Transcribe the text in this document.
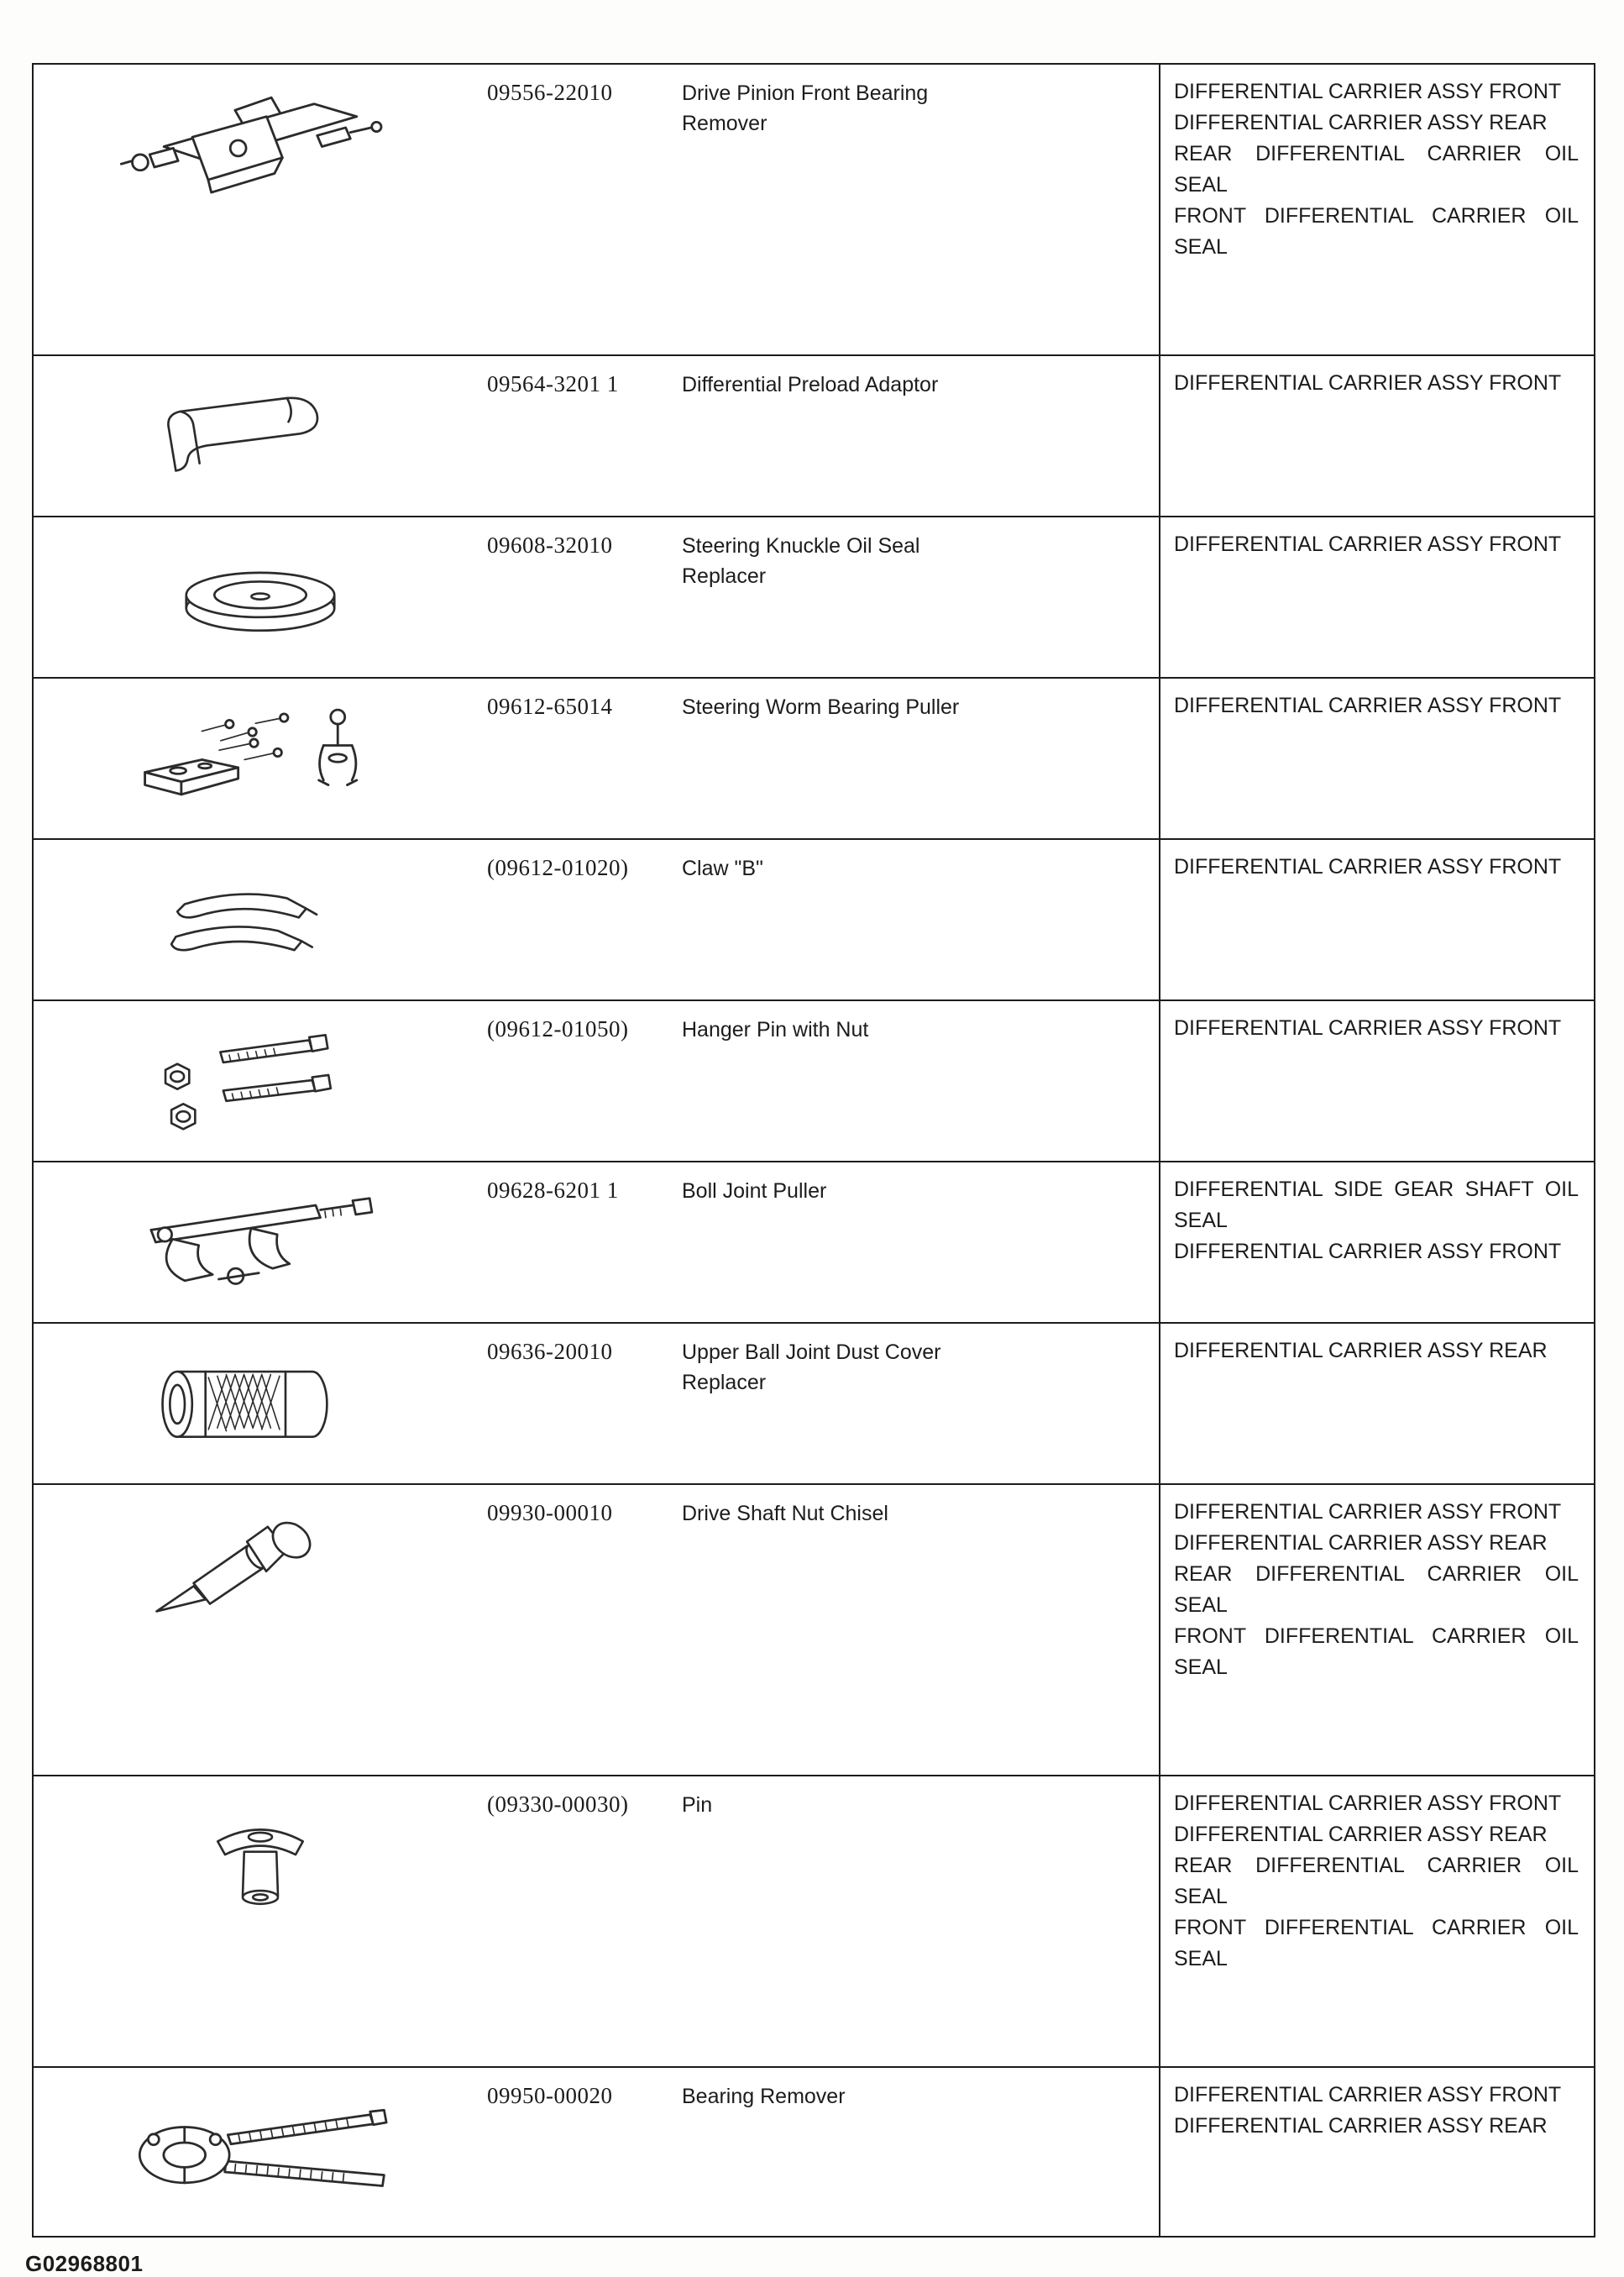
09556-22010	Drive Pinion Front Bearing Remover
DIFFERENTIAL CARRIER ASSY FRONT
DIFFERENTIAL CARRIER ASSY REAR
REAR DIFFERENTIAL CARRIER OIL SEAL
FRONT DIFFERENTIAL CARRIER OIL SEAL
09564-3201 1	Differential Preload Adaptor	DIFFERENTIAL CARRIER ASSY FRONT
09608-32010	Steering Knuckle Oil Seal Replacer
DIFFERENTIAL CARRIER ASSY FRONT
09612-65014	Steering Worm Bearing Puller	DIFFERENTIAL CARRIER ASSY FRONT
(09612-01020)	Claw "B"	DIFFERENTIAL CARRIER ASSY FRONT
(09612-01050)	Hanger Pin with Nut	DIFFERENTIAL CARRIER ASSY FRONT
09628-6201 1	Boll Joint Puller	DIFFERENTIAL SIDE GEAR SHAFT OIL SEAL
DIFFERENTIAL CARRIER ASSY FRONT
09636-20010	Upper Ball Joint Dust Cover Replacer
DIFFERENTIAL CARRIER ASSY REAR
09930-00010	Drive Shaft Nut Chisel	DIFFERENTIAL CARRIER ASSY FRONT
DIFFERENTIAL CARRIER ASSY REAR
REAR DIFFERENTIAL CARRIER OIL SEAL
FRONT DIFFERENTIAL CARRIER OIL SEAL
(09330-00030)	Pin	DIFFERENTIAL CARRIER ASSY FRONT
DIFFERENTIAL CARRIER ASSY REAR
REAR DIFFERENTIAL CARRIER OIL SEAL
FRONT DIFFERENTIAL CARRIER OIL SEAL
09950-00020	Bearing Remover	DIFFERENTIAL CARRIER ASSY FRONT
DIFFERENTIAL CARRIER ASSY REAR
G02968801
